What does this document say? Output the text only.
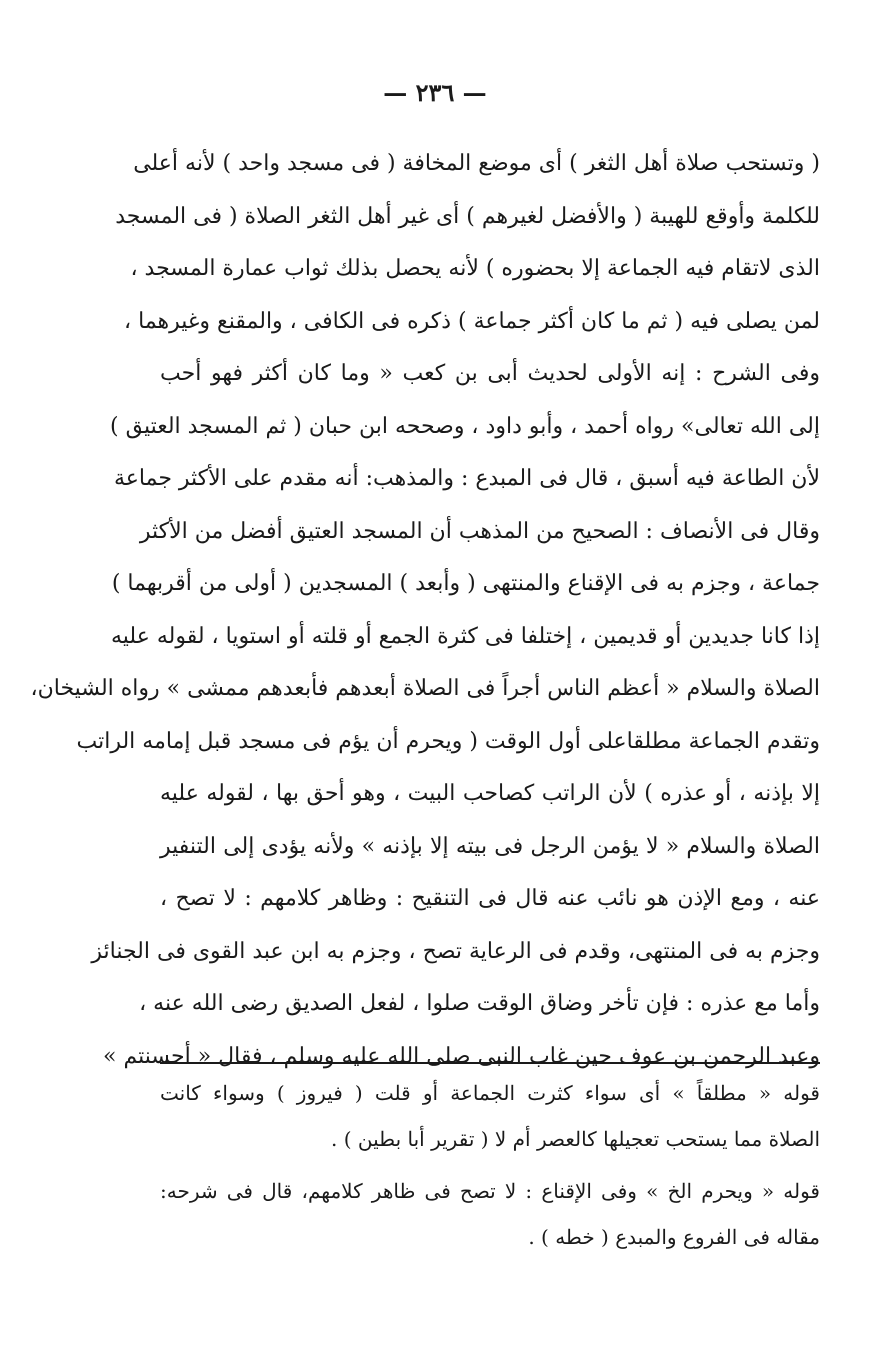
— ٢٣٦ —
( وتستحب صلاة أهل الثغر ) أى موضع المخافة ( فى مسجد واحد ) لأنه أعلى
للكلمة وأوقع للهيبة ( والأفضل لغيرهم ) أى غير أهل الثغر الصلاة ( فى المسجد
الذى لاتقام فيه الجماعة إلا بحضوره ) لأنه يحصل بذلك ثواب عمارة المسجد ،
لمن يصلى فيه ( ثم ما كان أكثر جماعة ) ذكره فى الكافى ، والمقنع وغيرهما ،
وفى الشرح : إنه الأولى لحديث أبى بن كعب « وما كان أكثر فهو أحب
إلى الله تعالى» رواه أحمد ، وأبو داود ، وصححه ابن حبان ( ثم المسجد العتيق )
لأن الطاعة فيه أسبق ، قال فى المبدع : والمذهب: أنه مقدم على الأكثر جماعة
وقال فى الأنصاف : الصحيح من المذهب أن المسجد العتيق أفضل من الأكثر
جماعة ، وجزم به فى الإقناع والمنتهى ( وأبعد ) المسجدين ( أولى من أقربهما )
إذا كانا جديدين أو قديمين ، إختلفا فى كثرة الجمع أو قلته أو استويا ، لقوله عليه
الصلاة والسلام « أعظم الناس أجراً فى الصلاة أبعدهم فأبعدهم ممشى » رواه الشيخان،
وتقدم الجماعة مطلقاعلى أول الوقت ( ويحرم أن يؤم فى مسجد قبل إمامه الراتب
إلا بإذنه ، أو عذره ) لأن الراتب كصاحب البيت ، وهو أحق بها ، لقوله عليه
الصلاة والسلام « لا يؤمن الرجل فى بيته إلا بإذنه » ولأنه يؤدى إلى التنفير
عنه ، ومع الإذن هو نائب عنه قال فى التنقيح : وظاهر كلامهم : لا تصح ،
وجزم به فى المنتهى، وقدم فى الرعاية تصح ، وجزم به ابن عبد القوى فى الجنائز
وأما مع عذره : فإن تأخر وضاق الوقت صلوا ، لفعل الصديق رضى الله عنه ،
وعبد الرحمن بن عوف حين غاب النبى صلى الله عليه وسلم ، فقال « أحسنتم »
قوله « مطلقاً » أى سواء كثرت الجماعة أو قلت ( فيروز ) وسواء كانت
الصلاة مما يستحب تعجيلها كالعصر أم لا ( تقرير أبا بطين ) .
قوله « ويحرم الخ » وفى الإقناع : لا تصح فى ظاهر كلامهم، قال فى شرحه:
مقاله فى الفروع والمبدع ( خطه ) .
